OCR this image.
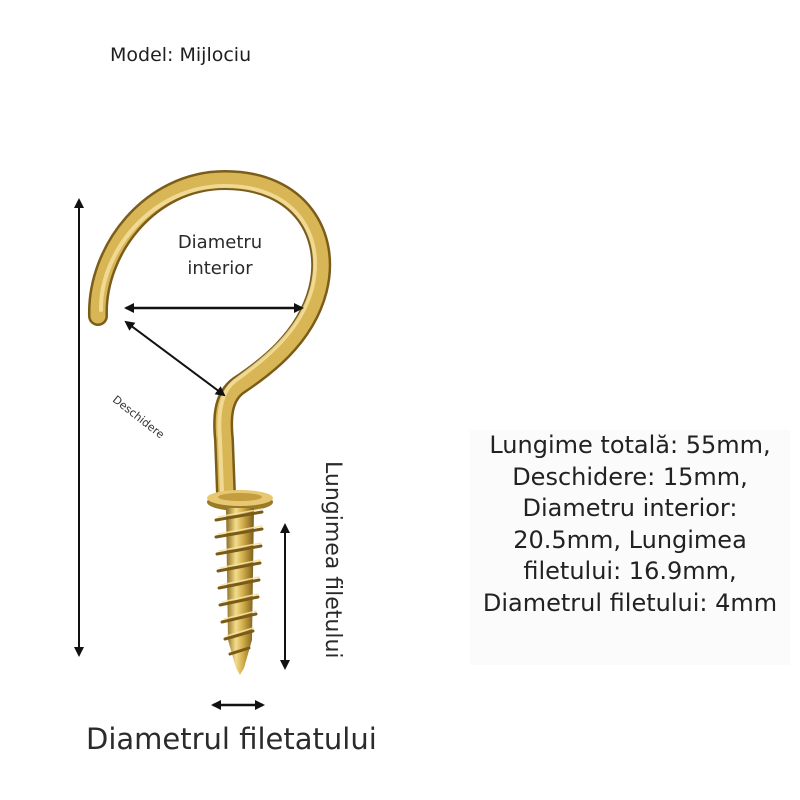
Model: Mijlociu
Diametru interior
Deschidere
Lungimea filetului
Diametrul filetatului
Lungime totală: 55mm, Deschidere: 15mm, Diametru interior: 20.5mm, Lungimea filetului: 16.9mm, Diametrul filetului: 4mm
